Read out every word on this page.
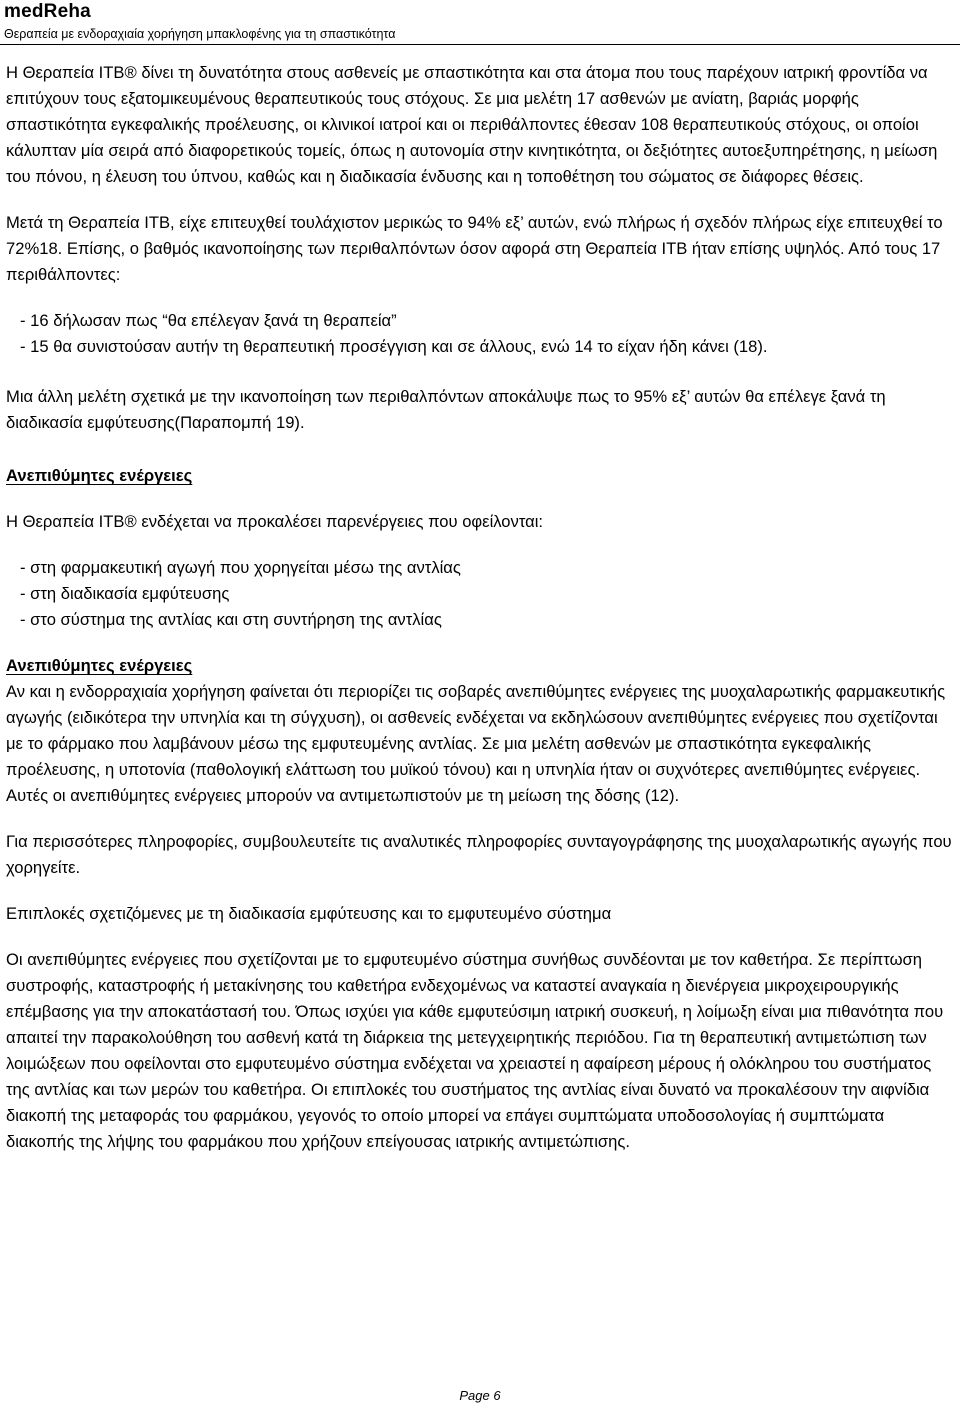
medReha
Θεραπεία με ενδοραχιαία χορήγηση μπακλοφένης για τη σπαστικότητα

Η Θεραπεία ΙΤΒ® δίνει τη δυνατότητα στους ασθενείς με σπαστικότητα και στα άτομα που τους παρέχουν ιατρική φροντίδα να επιτύχουν τους εξατομικευμένους θεραπευτικούς τους στόχους. Σε μια μελέτη 17 ασθενών με ανίατη, βαριάς μορφής σπαστικότητα εγκεφαλικής προέλευσης, οι κλινικοί ιατροί και οι περιθάλποντες έθεσαν 108 θεραπευτικούς στόχους, οι οποίοι κάλυπταν μία σειρά από διαφορετικούς τομείς, όπως η αυτονομία στην κινητικότητα, οι δεξιότητες αυτοεξυπηρέτησης, η μείωση του πόνου, η έλευση του ύπνου, καθώς και η διαδικασία ένδυσης και η τοποθέτηση του σώματος σε διάφορες θέσεις.

Μετά τη Θεραπεία ITB, είχε επιτευχθεί τουλάχιστον μερικώς το 94% εξ’ αυτών, ενώ πλήρως ή σχεδόν πλήρως είχε επιτευχθεί το 72%18. Επίσης, ο βαθμός ικανοποίησης των περιθαλπόντων όσον αφορά στη Θεραπεία ITB ήταν επίσης υψηλός. Από τους 17 περιθάλποντες:

- 16 δήλωσαν πως “θα επέλεγαν ξανά τη θεραπεία”

- 15 θα συνιστούσαν αυτήν τη θεραπευτική προσέγγιση και σε άλλους, ενώ 14 το είχαν ήδη κάνει (18).

Μια άλλη μελέτη σχετικά με την ικανοποίηση των περιθαλπόντων αποκάλυψε πως το 95% εξ’ αυτών θα επέλεγε ξανά τη διαδικασία εμφύτευσης(Παραπομπή 19).

Ανεπιθύμητες ενέργειες

Η Θεραπεία ITB® ενδέχεται να προκαλέσει παρενέργειες που οφείλονται:

- στη φαρμακευτική αγωγή που χορηγείται μέσω της αντλίας

- στη διαδικασία εμφύτευσης

- στο σύστημα της αντλίας και στη συντήρηση της αντλίας

Ανεπιθύμητες ενέργειες

Αν και η ενδορραχιαία χορήγηση φαίνεται ότι περιορίζει τις σοβαρές ανεπιθύμητες ενέργειες της μυοχαλαρωτικής φαρμακευτικής αγωγής (ειδικότερα την υπνηλία και τη σύγχυση), οι ασθενείς ενδέχεται να εκδηλώσουν ανεπιθύμητες ενέργειες που σχετίζονται με το φάρμακο που λαμβάνουν μέσω της εμφυτευμένης αντλίας. Σε μια μελέτη ασθενών με σπαστικότητα εγκεφαλικής προέλευσης, η υποτονία (παθολογική ελάττωση του μυϊκού τόνου) και η υπνηλία ήταν οι συχνότερες ανεπιθύμητες ενέργειες. Αυτές οι ανεπιθύμητες ενέργειες μπορούν να αντιμετωπιστούν με τη μείωση της δόσης (12).

Για περισσότερες πληροφορίες, συμβουλευτείτε τις αναλυτικές πληροφορίες συνταγογράφησης της μυοχαλαρωτικής αγωγής που χορηγείτε.

Επιπλοκές σχετιζόμενες με τη διαδικασία εμφύτευσης και το εμφυτευμένο σύστημα

Οι ανεπιθύμητες ενέργειες που σχετίζονται με το εμφυτευμένο σύστημα συνήθως συνδέονται με τον καθετήρα. Σε περίπτωση συστροφής, καταστροφής ή μετακίνησης του καθετήρα ενδεχομένως να καταστεί αναγκαία η διενέργεια μικροχειρουργικής επέμβασης για την αποκατάστασή του. Όπως ισχύει για κάθε εμφυτεύσιμη ιατρική συσκευή, η λοίμωξη είναι μια πιθανότητα που απαιτεί την παρακολούθηση του ασθενή κατά τη διάρκεια της μετεγχειρητικής περιόδου. Για τη θεραπευτική αντιμετώπιση των λοιμώξεων που οφείλονται στο εμφυτευμένο σύστημα ενδέχεται να χρειαστεί η αφαίρεση μέρους ή ολόκληρου του συστήματος της αντλίας και των μερών του καθετήρα. Οι επιπλοκές του συστήματος της αντλίας είναι δυνατό να προκαλέσουν την αιφνίδια διακοπή της μεταφοράς του φαρμάκου, γεγονός το οποίο μπορεί να επάγει συμπτώματα υποδοσολογίας ή συμπτώματα διακοπής της λήψης του φαρμάκου που χρήζουν επείγουσας ιατρικής αντιμετώπισης.

Page 6
